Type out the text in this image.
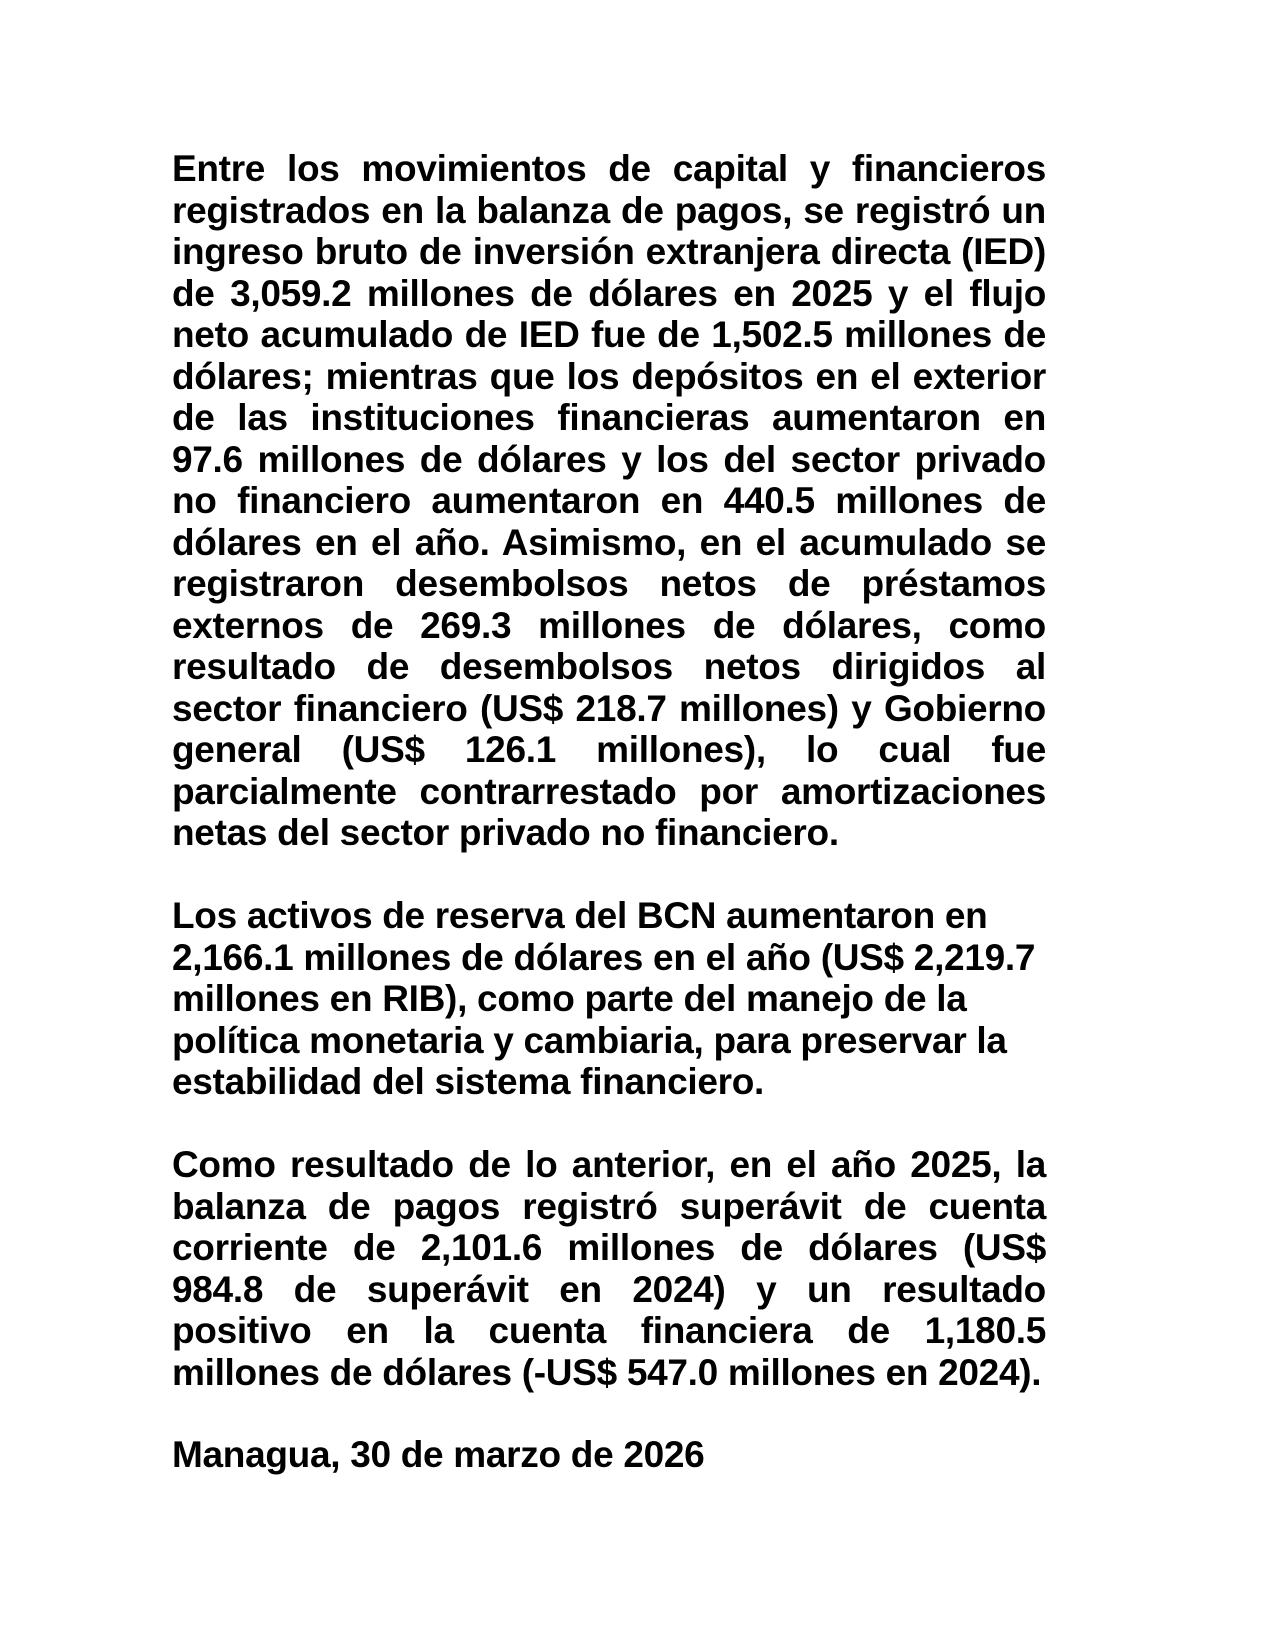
Entre los movimientos de capital y financieros registrados en la balanza de pagos, se registró un ingreso bruto de inversión extranjera directa (IED) de 3,059.2 millones de dólares en 2025 y el flujo neto acumulado de IED fue de 1,502.5 millones de dólares; mientras que los depósitos en el exterior de las instituciones financieras aumentaron en 97.6 millones de dólares y los del sector privado no financiero aumentaron en 440.5 millones de dólares en el año. Asimismo, en el acumulado se registraron desembolsos netos de préstamos externos de 269.3 millones de dólares, como resultado de desembolsos netos dirigidos al sector financiero (US$ 218.7 millones) y Gobierno general (US$ 126.1 millones), lo cual fue parcialmente contrarrestado por amortizaciones netas del sector privado no financiero.

Los activos de reserva del BCN aumentaron en 2,166.1 millones de dólares en el año (US$ 2,219.7 millones en RIB), como parte del manejo de la política monetaria y cambiaria, para preservar la estabilidad del sistema financiero.

Como resultado de lo anterior, en el año 2025, la balanza de pagos registró superávit de cuenta corriente de 2,101.6 millones de dólares (US$ 984.8 de superávit en 2024) y un resultado positivo en la cuenta financiera de 1,180.5 millones de dólares (-US$ 547.0 millones en 2024).

Managua, 30 de marzo de 2026
